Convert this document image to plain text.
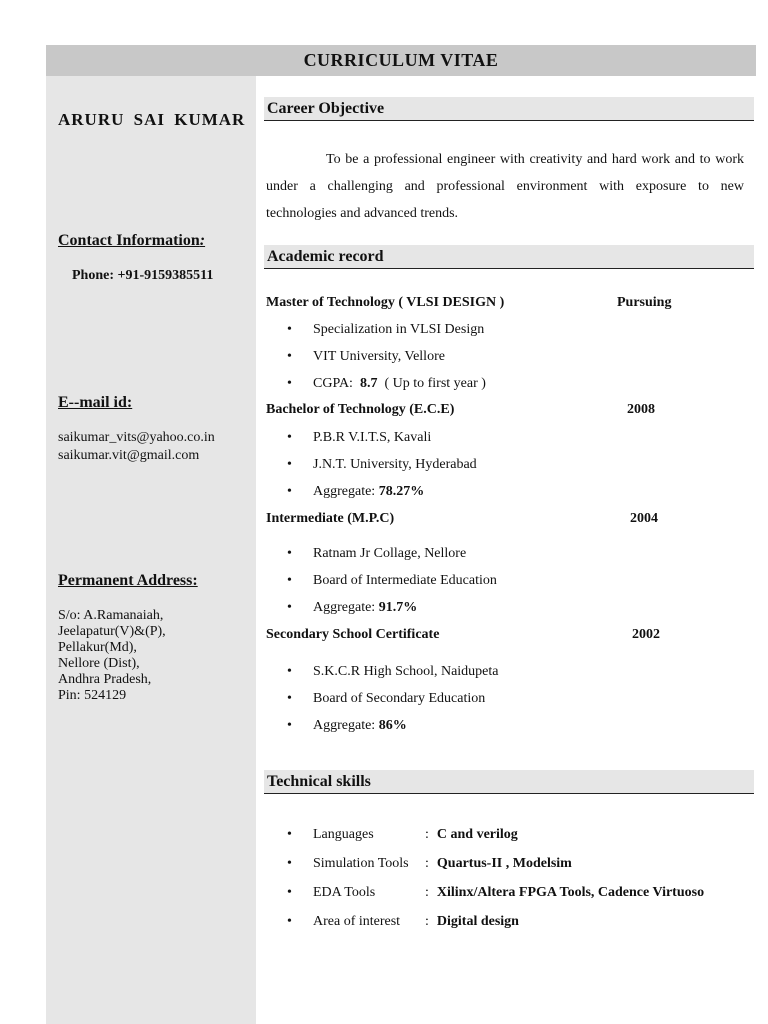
CURRICULUM VITAE
ARURU SAI KUMAR
Contact Information:
Phone: +91-9159385511
E--mail id:
saikumar_vits@yahoo.co.in
saikumar.vit@gmail.com
Permanent Address:
S/o: A.Ramanaiah,
Jeelapatur(V)&(P),
Pellakur(Md),
Nellore (Dist),
Andhra Pradesh,
Pin: 524129
Career Objective
To be a professional engineer with creativity and hard work and to work under a challenging and professional environment with exposure to new technologies and advanced trends.
Academic record
Master of Technology ( VLSI DESIGN )	Pursuing
• Specialization in VLSI Design
• VIT University, Vellore
• CGPA:  8.7  ( Up to first year )
Bachelor of Technology (E.C.E)	2008
• P.B.R V.I.T.S, Kavali
• J.N.T. University, Hyderabad
• Aggregate: 78.27%
Intermediate (M.P.C)	2004
• Ratnam Jr Collage, Nellore
• Board of Intermediate Education
• Aggregate: 91.7%
Secondary School Certificate	2002
• S.K.C.R High School, Naidupeta
• Board of Secondary Education
• Aggregate: 86%
Technical skills
• Languages	: C and verilog
• Simulation Tools : Quartus-II , Modelsim
• EDA Tools	: Xilinx/Altera FPGA Tools, Cadence Virtuoso
• Area of interest : Digital design
